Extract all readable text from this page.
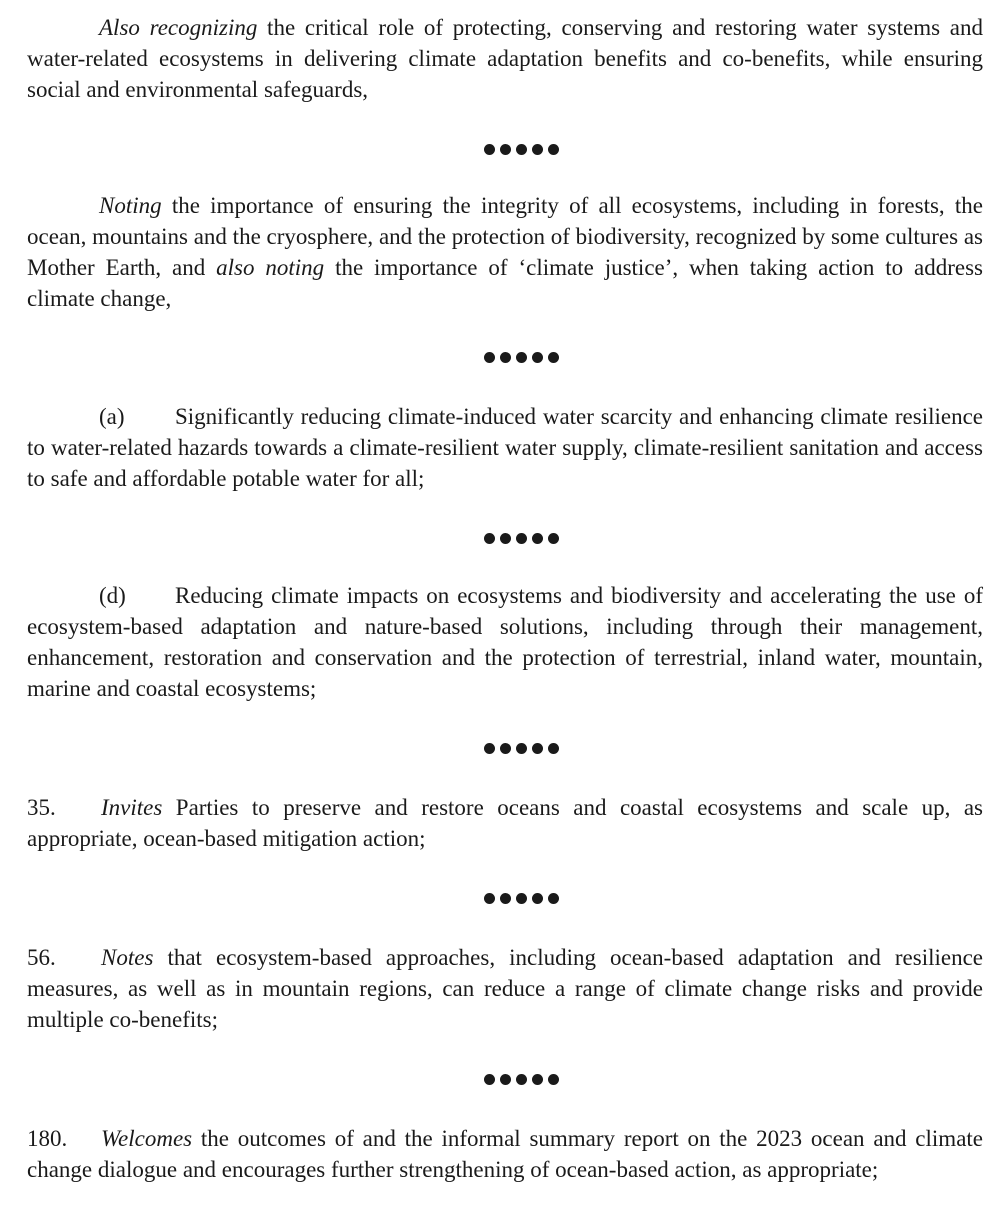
Also recognizing the critical role of protecting, conserving and restoring water systems and water-related ecosystems in delivering climate adaptation benefits and co-benefits, while ensuring social and environmental safeguards,

Noting the importance of ensuring the integrity of all ecosystems, including in forests, the ocean, mountains and the cryosphere, and the protection of biodiversity, recognized by some cultures as Mother Earth, and also noting the importance of ‘climate justice’, when taking action to address climate change,

(a) Significantly reducing climate-induced water scarcity and enhancing climate resilience to water-related hazards towards a climate-resilient water supply, climate-resilient sanitation and access to safe and affordable potable water for all;

(d) Reducing climate impacts on ecosystems and biodiversity and accelerating the use of ecosystem-based adaptation and nature-based solutions, including through their management, enhancement, restoration and conservation and the protection of terrestrial, inland water, mountain, marine and coastal ecosystems;

35. Invites Parties to preserve and restore oceans and coastal ecosystems and scale up, as appropriate, ocean-based mitigation action;

56. Notes that ecosystem-based approaches, including ocean-based adaptation and resilience measures, as well as in mountain regions, can reduce a range of climate change risks and provide multiple co-benefits;

180. Welcomes the outcomes of and the informal summary report on the 2023 ocean and climate change dialogue and encourages further strengthening of ocean-based action, as appropriate;
